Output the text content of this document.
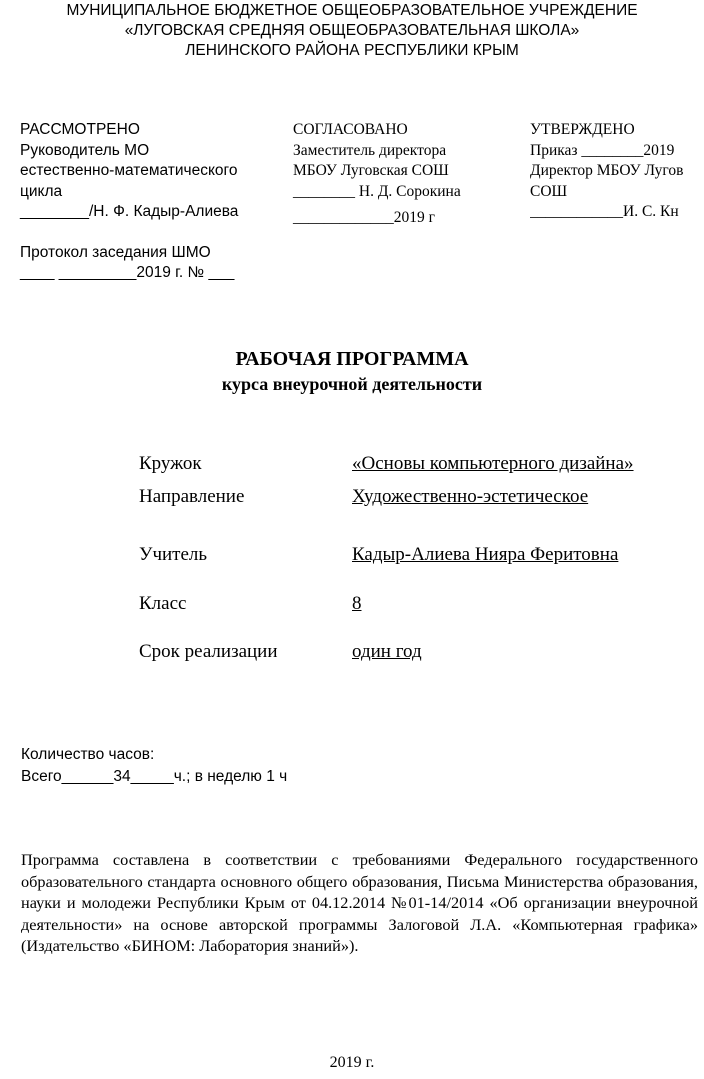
МУНИЦИПАЛЬНОЕ БЮДЖЕТНОЕ ОБЩЕОБРАЗОВАТЕЛЬНОЕ УЧРЕЖДЕНИЕ
«ЛУГОВСКАЯ СРЕДНЯЯ ОБЩЕОБРАЗОВАТЕЛЬНАЯ ШКОЛА»
ЛЕНИНСКОГО РАЙОНА РЕСПУБЛИКИ КРЫМ
РАССМОТРЕНО
Руководитель МО
естественно-математического
цикла
________/Н. Ф. Кадыр-Алиева
Протокол заседания ШМО
____ _________2019 г. № ___
СОГЛАСОВАНО
Заместитель директора
МБОУ Луговская СОШ
________ Н. Д. Сорокина
_____________2019 г
УТВЕРЖДЕНО
Приказ ________2019
Директор МБОУ Лугов
СОШ
____________И. С. Кн
РАБОЧАЯ ПРОГРАММА
курса внеурочной деятельности
Кружок	«Основы компьютерного дизайна»
Направление	Художественно-эстетическое
Учитель	Кадыр-Алиева Нияра Феритовна
Класс	8
Срок реализации	один год
Количество часов:
Всего______34_____ч.; в неделю 1 ч
Программа составлена в соответствии с требованиями Федерального государственного образовательного стандарта основного общего образования, Письма Министерства образования, науки и молодежи Республики Крым от 04.12.2014 №01-14/2014 «Об организации внеурочной деятельности» на основе авторской программы Залоговой Л.А. «Компьютерная графика» (Издательство «БИНОМ: Лаборатория знаний»).
2019 г.
